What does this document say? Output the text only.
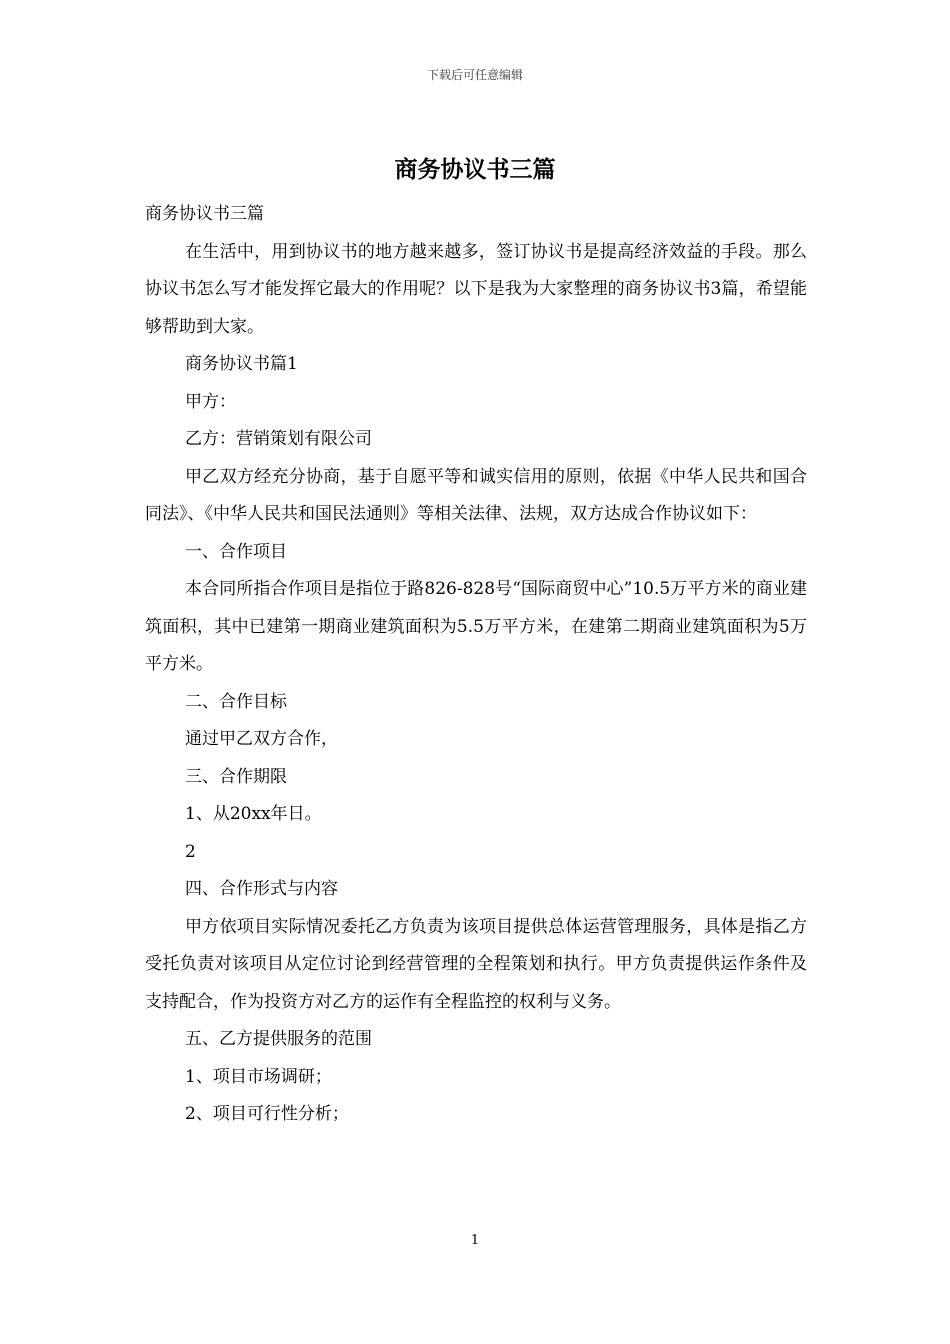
下载后可任意编辑
商务协议书三篇

商务协议书三篇

在生活中，用到协议书的地方越来越多，签订协议书是提高经济效益的手段。那么协议书怎么写才能发挥它最大的作用呢？以下是我为大家整理的商务协议书3篇，希望能够帮助到大家。

商务协议书篇1

甲方：

乙方：营销策划有限公司

甲乙双方经充分协商，基于自愿平等和诚实信用的原则，依据《中华人民共和国合同法》、《中华人民共和国民法通则》等相关法律、法规，双方达成合作协议如下：

一、合作项目

本合同所指合作项目是指位于路826-828号“国际商贸中心”10.5万平方米的商业建筑面积，其中已建第一期商业建筑面积为5.5万平方米，在建第二期商业建筑面积为5万平方米。

二、合作目标

通过甲乙双方合作，

三、合作期限

1、从20xx年日。

2

四、合作形式与内容

甲方依项目实际情况委托乙方负责为该项目提供总体运营管理服务，具体是指乙方受托负责对该项目从定位讨论到经营管理的全程策划和执行。甲方负责提供运作条件及支持配合，作为投资方对乙方的运作有全程监控的权利与义务。

五、乙方提供服务的范围

1、项目市场调研；

2、项目可行性分析；

1
